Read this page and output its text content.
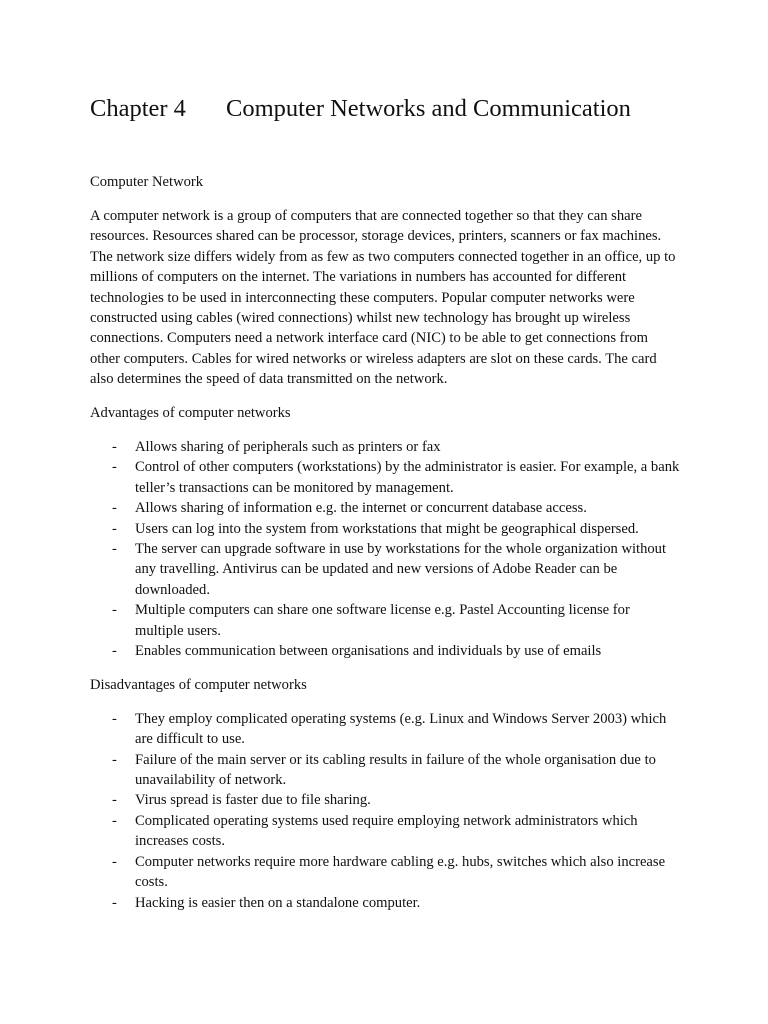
Chapter 4 Computer Networks and Communication

Computer Network

A computer network is a group of computers that are connected together so that they can share resources. Resources shared can be processor, storage devices, printers, scanners or fax machines. The network size differs widely from as few as two computers connected together in an office, up to millions of computers on the internet. The variations in numbers has accounted for different technologies to be used in interconnecting these computers. Popular computer networks were constructed using cables (wired connections) whilst new technology has brought up wireless connections. Computers need a network interface card (NIC) to be able to get connections from other computers. Cables for wired networks or wireless adapters are slot on these cards. The card also determines the speed of data transmitted on the network.

Advantages of computer networks

- Allows sharing of peripherals such as printers or fax
- Control of other computers (workstations) by the administrator is easier. For example, a bank teller’s transactions can be monitored by management.
- Allows sharing of information e.g. the internet or concurrent database access.
- Users can log into the system from workstations that might be geographical dispersed.
- The server can upgrade software in use by workstations for the whole organization without any travelling. Antivirus can be updated and new versions of Adobe Reader can be downloaded.
- Multiple computers can share one software license e.g. Pastel Accounting license for multiple users.
- Enables communication between organisations and individuals by use of emails

Disadvantages of computer networks

- They employ complicated operating systems (e.g. Linux and Windows Server 2003) which are difficult to use.
- Failure of the main server or its cabling results in failure of the whole organisation due to unavailability of network.
- Virus spread is faster due to file sharing.
- Complicated operating systems used require employing network administrators which increases costs.
- Computer networks require more hardware cabling e.g. hubs, switches which also increase costs.
- Hacking is easier then on a standalone computer.
